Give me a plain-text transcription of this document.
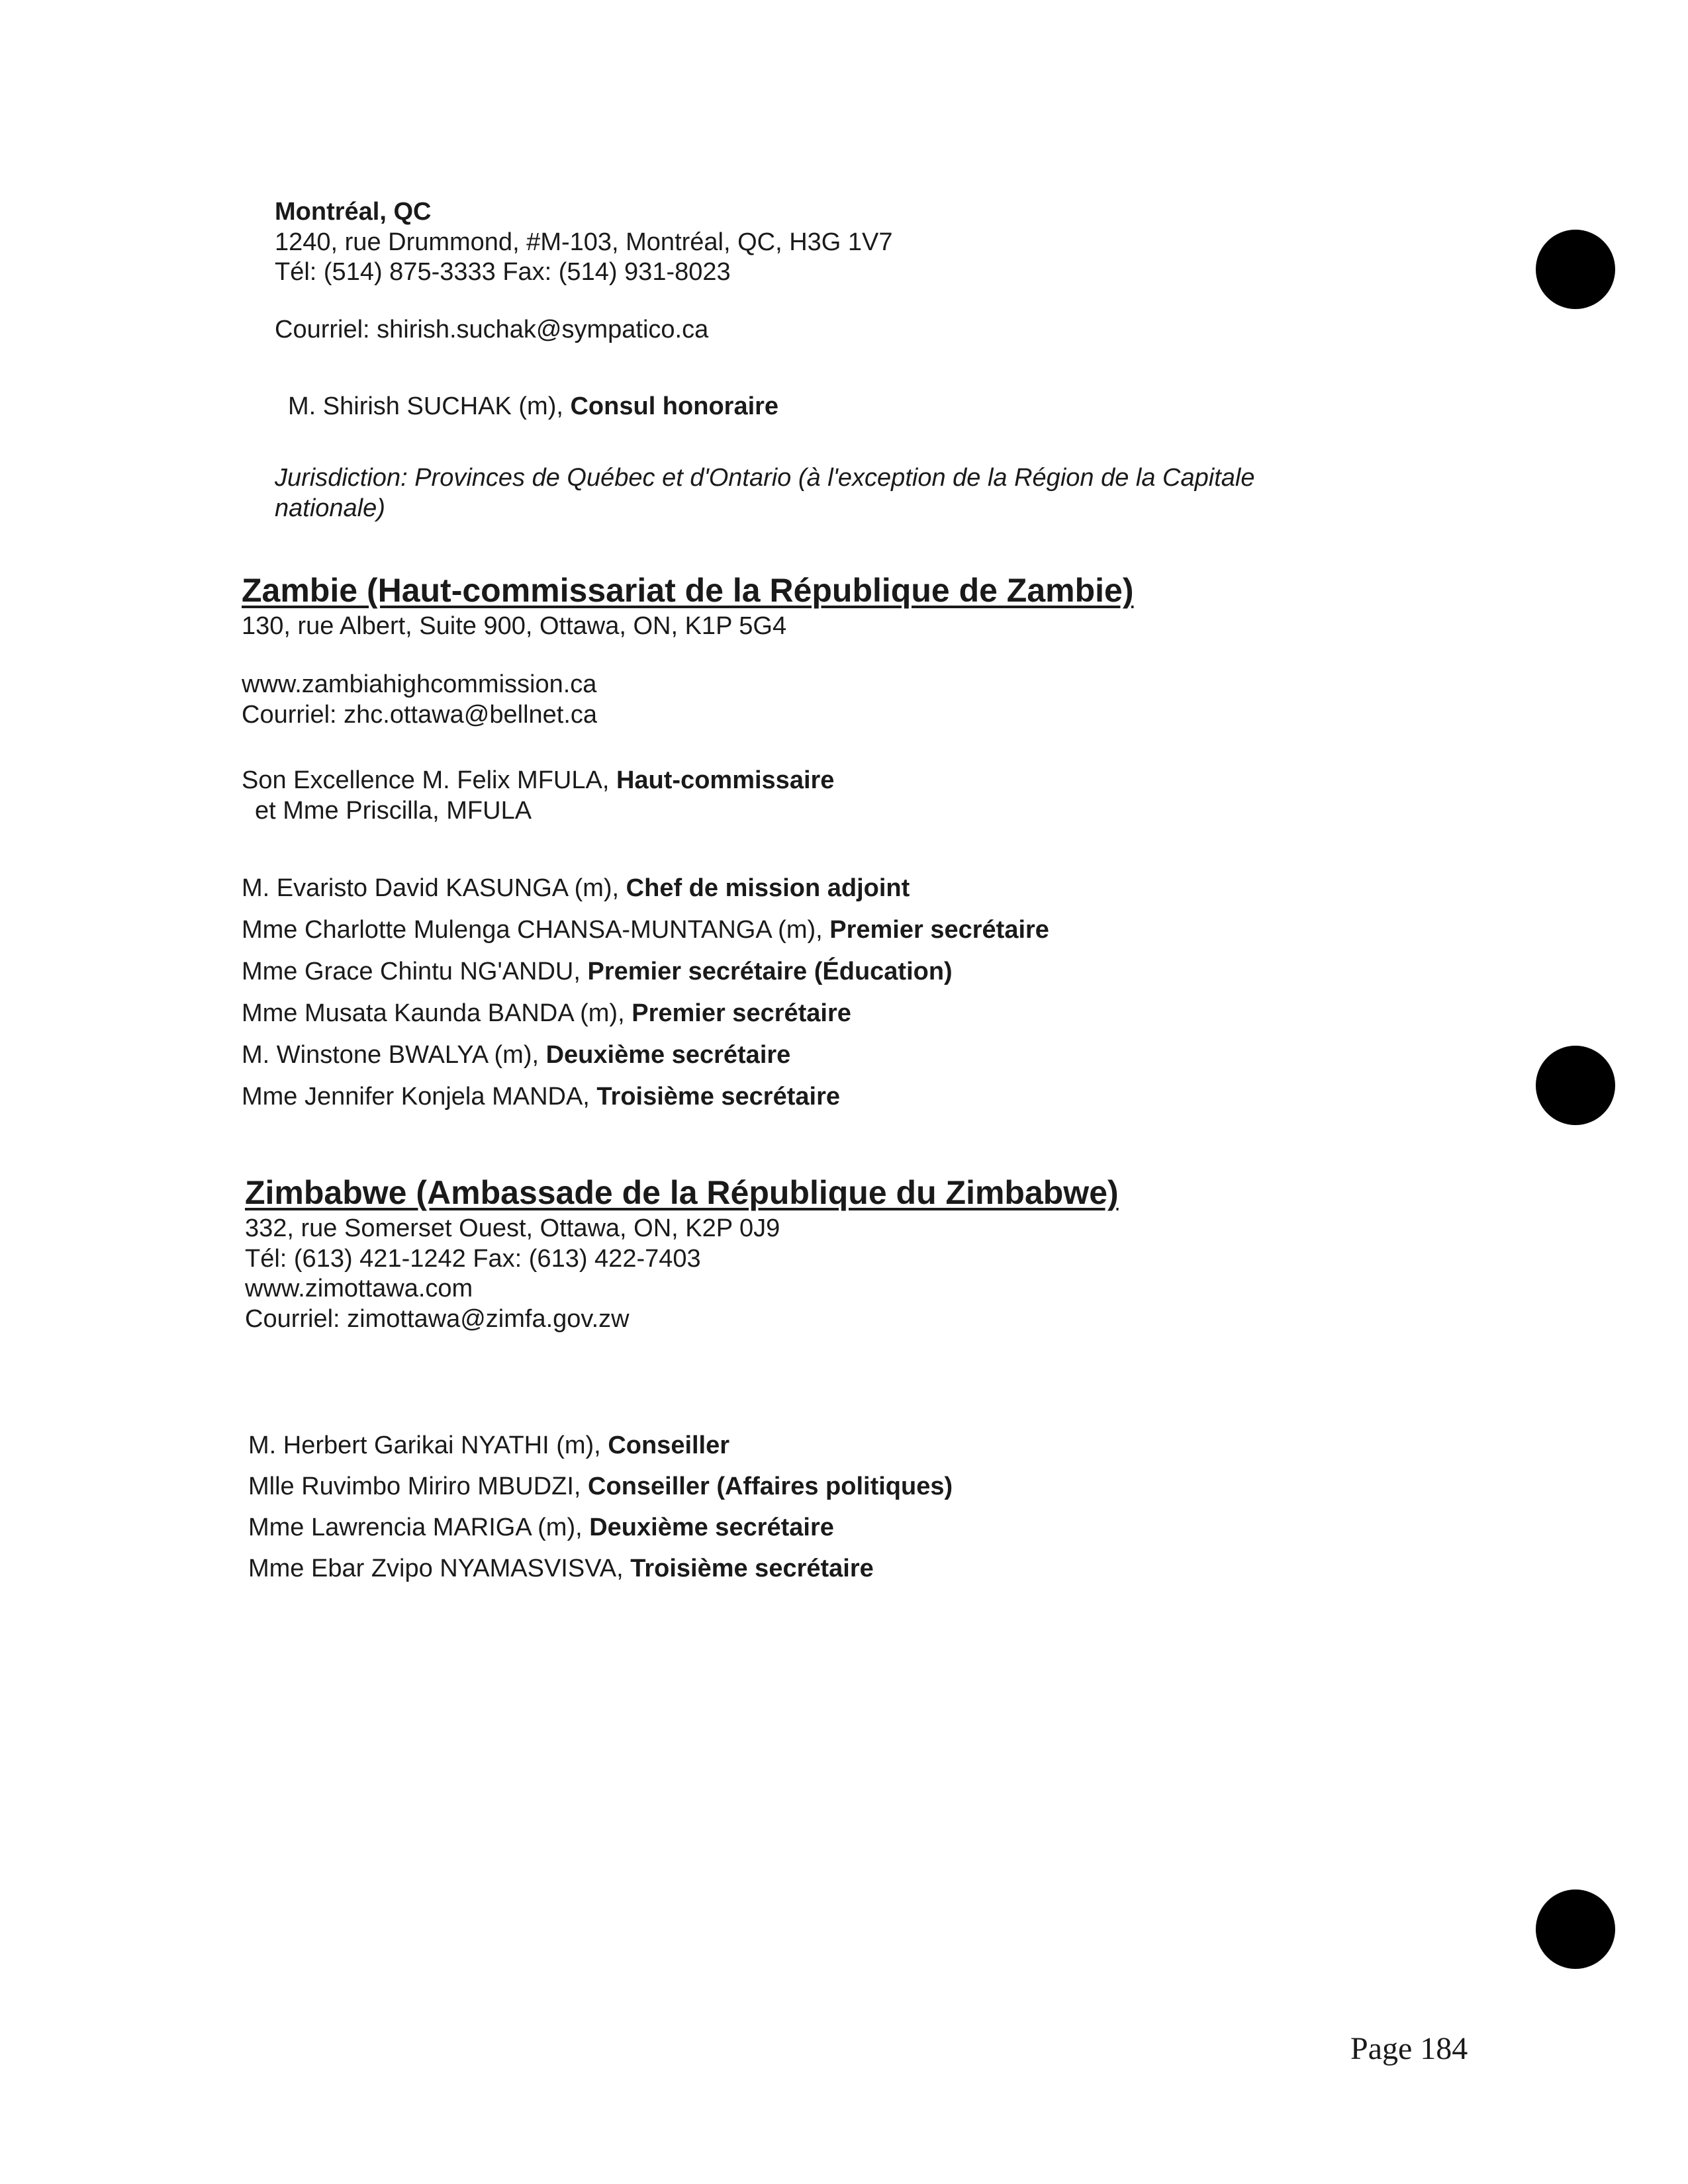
Montréal, QC
1240, rue Drummond, #M-103, Montréal, QC, H3G 1V7
Tél: (514) 875-3333 Fax: (514) 931-8023
Courriel: shirish.suchak@sympatico.ca
M. Shirish SUCHAK (m), Consul honoraire
Jurisdiction: Provinces de Québec et d'Ontario (à l'exception de la Région de la Capitale
nationale)
Zambie (Haut-commissariat de la République de Zambie)
130, rue Albert, Suite 900, Ottawa, ON, K1P 5G4
www.zambiahighcommission.ca
Courriel: zhc.ottawa@bellnet.ca
Son Excellence M. Felix MFULA, Haut-commissaire
et Mme Priscilla, MFULA
M. Evaristo David KASUNGA (m), Chef de mission adjoint
Mme Charlotte Mulenga CHANSA-MUNTANGA (m), Premier secrétaire
Mme Grace Chintu NG'ANDU, Premier secrétaire (Éducation)
Mme Musata Kaunda BANDA (m), Premier secrétaire
M. Winstone BWALYA (m), Deuxième secrétaire
Mme Jennifer Konjela MANDA, Troisième secrétaire
Zimbabwe (Ambassade de la République du Zimbabwe)
332, rue Somerset Ouest, Ottawa, ON, K2P 0J9
Tél: (613) 421-1242 Fax: (613) 422-7403
www.zimottawa.com
Courriel: zimottawa@zimfa.gov.zw
M. Herbert Garikai NYATHI (m), Conseiller
Mlle Ruvimbo Miriro MBUDZI, Conseiller (Affaires politiques)
Mme Lawrencia MARIGA (m), Deuxième secrétaire
Mme Ebar Zvipo NYAMASVISVA, Troisième secrétaire
Page 184
